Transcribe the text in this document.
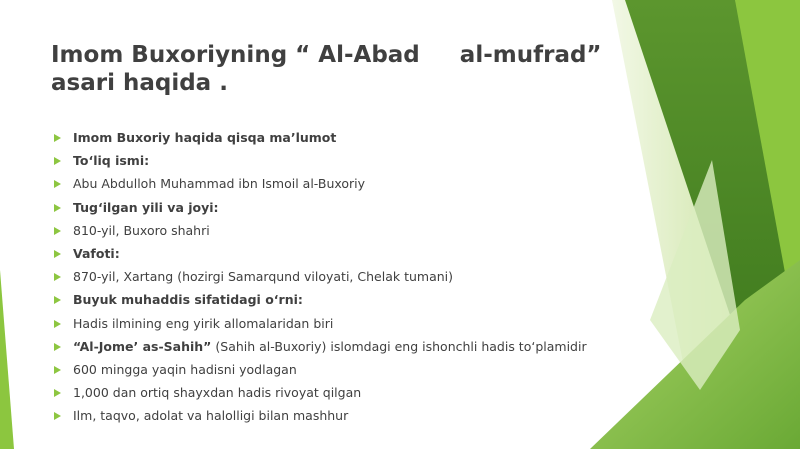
Imom Buxoriyning “ Al-Abad     al-mufrad”
asari haqida .
Imom Buxoriy haqida qisqa ma’lumot
To‘liq ismi:
Abu Abdulloh Muhammad ibn Ismoil al-Buxoriy
Tug‘ilgan yili va joyi:
810-yil, Buxoro shahri
Vafoti:
870-yil, Xartang (hozirgi Samarqund viloyati, Chelak tumani)
Buyuk muhaddis sifatidagi o‘rni:
Hadis ilmining eng yirik allomalaridan biri
“Al-Jome’ as-Sahih” (Sahih al-Buxoriy) islomdagi eng ishonchli hadis to‘plamidir
600 mingga yaqin hadisni yodlagan
1,000 dan ortiq shayxdan hadis rivoyat qilgan
Ilm, taqvo, adolat va halolligi bilan mashhur
